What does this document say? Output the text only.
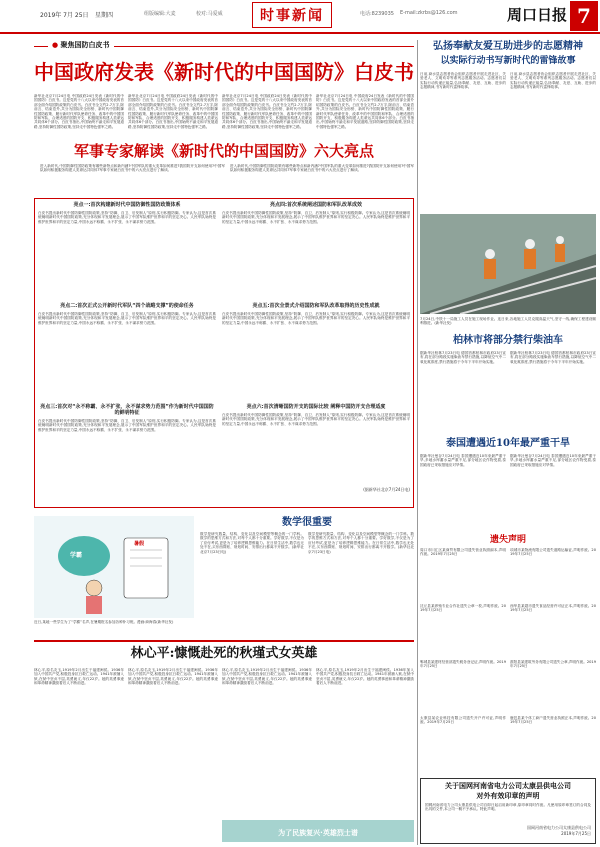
2019年 7月 25日 星期四	组版编辑:大麦	校对:马爱威	时事新闻	电话:8239035 E-mail:zkrbs@126.com	周口日报 7
● 聚焦国防白皮书
中国政府发表《新时代的中国国防》白皮书
新华社北京7月24日电 中国政府24日发表《新时代的中国国防》白皮书。这是党的十八大以来中国政府发表的首部全面介绍国防政策的白皮书。白皮书全文约2.7万字,除前言、结束语外,共分为国际安全形势、新时代中国防御性国防政策、履行新时代军队使命任务、改革中的中国国防和军队、合理适度的国防开支、积极服务构建人类命运共同体6个部分。白皮书指出,中国始终不渝走和平发展道路,坚持防御性国防政策,坚持走中国特色强军之路。
新华社北京7月24日电 中国政府24日发表《新时代的中国国防》白皮书。这是党的十八大以来中国政府发表的首部全面介绍国防政策的白皮书。白皮书全文约2.7万字,除前言、结束语外,共分为国际安全形势、新时代中国防御性国防政策、履行新时代军队使命任务、改革中的中国国防和军队、合理适度的国防开支、积极服务构建人类命运共同体6个部分。白皮书指出,中国始终不渝走和平发展道路,坚持防御性国防政策,坚持走中国特色强军之路。
新华社北京7月24日电 中国政府24日发表《新时代的中国国防》白皮书。这是党的十八大以来中国政府发表的首部全面介绍国防政策的白皮书。白皮书全文约2.7万字,除前言、结束语外,共分为国际安全形势、新时代中国防御性国防政策、履行新时代军队使命任务、改革中的中国国防和军队、合理适度的国防开支、积极服务构建人类命运共同体6个部分。白皮书指出,中国始终不渝走和平发展道路,坚持防御性国防政策,坚持走中国特色强军之路。
新华社北京7月24日电 中国政府24日发表《新时代的中国国防》白皮书。这是党的十八大以来中国政府发表的首部全面介绍国防政策的白皮书。白皮书全文约2.7万字,除前言、结束语外,共分为国际安全形势、新时代中国防御性国防政策、履行新时代军队使命任务、改革中的中国国防和军队、合理适度的国防开支、积极服务构建人类命运共同体6个部分。白皮书指出,中国始终不渝走和平发展道路,坚持防御性国防政策,坚持走中国特色强军之路。
军事专家解读《新时代的中国国防》六大亮点
进入新时代,中国防御性国防政策有哪些新特点和新内涵?中国军队的重大变革如何推进?我国防开支如何使用?中国军队如何积极服务构建人类命运共同体?军事专家就白皮书中的六大亮点进行了解读。
进入新时代,中国防御性国防政策有哪些新特点和新内涵?中国军队的重大变革如何推进?我国防开支如何使用?中国军队如何积极服务构建人类命运共同体?军事专家就白皮书中的六大亮点进行了解读。
亮点一:首次构建新时代中国防御性国防政策体系
白皮书提出新时代中国防御性国防政策,坚持“防御、自卫、后发制人”原则,实行积极防御。专家认为,这是首次系统阐明新时代中国国防政策,充分体现和平发展理念,展示了中国军队维护世界和平的坚定决心。人民军队始终是维护世界和平的坚定力量,中国永远不称霸、永不扩张、永不谋求势力范围。
亮点四:首次系统阐述国防和军队改革成效
白皮书提出新时代中国防御性国防政策,坚持“防御、自卫、后发制人”原则,实行积极防御。专家认为,这是首次系统阐明新时代中国国防政策,充分体现和平发展理念,展示了中国军队维护世界和平的坚定决心。人民军队始终是维护世界和平的坚定力量,中国永远不称霸、永不扩张、永不谋求势力范围。
亮点二:首次正式公开新时代军队“四个战略支撑”的使命任务
白皮书提出新时代中国防御性国防政策,坚持“防御、自卫、后发制人”原则,实行积极防御。专家认为,这是首次系统阐明新时代中国国防政策,充分体现和平发展理念,展示了中国军队维护世界和平的坚定决心。人民军队始终是维护世界和平的坚定力量,中国永远不称霸、永不扩张、永不谋求势力范围。
亮点五:首次全景式介绍国防和军队改革取得的历史性成就
白皮书提出新时代中国防御性国防政策,坚持“防御、自卫、后发制人”原则,实行积极防御。专家认为,这是首次系统阐明新时代中国国防政策,充分体现和平发展理念,展示了中国军队维护世界和平的坚定决心。人民军队始终是维护世界和平的坚定力量,中国永远不称霸、永不扩张、永不谋求势力范围。
亮点三:首次对“永不称霸、永不扩张、永不谋求势力范围”作为新时代中国国防的鲜明特征
白皮书提出新时代中国防御性国防政策,坚持“防御、自卫、后发制人”原则,实行积极防御。专家认为,这是首次系统阐明新时代中国国防政策,充分体现和平发展理念,展示了中国军队维护世界和平的坚定决心。人民军队始终是维护世界和平的坚定力量,中国永远不称霸、永不扩张、永不谋求势力范围。
亮点六:首次清晰国防开支的国际比较 阐释中国防开支合理适度
白皮书提出新时代中国防御性国防政策,坚持“防御、自卫、后发制人”原则,实行积极防御。专家认为,这是首次系统阐明新时代中国国防政策,充分体现和平发展理念,展示了中国军队维护世界和平的坚定决心。人民军队始终是维护世界和平的坚定力量,中国永远不称霸、永不扩张、永不谋求势力范围。
(据新华社北京7月24日电)
弘扬奉献友爱互助进步的志愿精神
以实际行动书写新时代的雷锋故事
日前,商水县志愿者协会组织志愿者开展走进社区、关爱老人、文明劝导等系列志愿服务活动。志愿者们以实际行动传递正能量,弘扬奉献、友爱、互助、进步的志愿精神,书写新时代雷锋故事。
日前,商水县志愿者协会组织志愿者开展走进社区、关爱老人、文明劝导等系列志愿服务活动。志愿者们以实际行动传递正能量,弘扬奉献、友爱、互助、进步的志愿精神,书写新时代雷锋故事。
7月24日,中铁十一局施工人员在施工现场作业。连日来,各地施工人员克服高温天气,坚守一线,确保工程建设顺利推进。(新华社发)
柏林市将部分禁行柴油车
据新华社柏林7月23日电 德国首都柏林市政府23日宣布,将在部分路段实施柴油车禁行措施,以降低空气中二氧化氮浓度,禁行措施将于今年下半年开始实施。
据新华社柏林7月23日电 德国首都柏林市政府23日宣布,将在部分路段实施柴油车禁行措施,以降低空气中二氧化氮浓度,禁行措施将于今年下半年开始实施。
泰国遭遇近10年最严重干旱
据新华社曼谷7月24日电 泰国遭遇近10年来最严重干旱,多地水库蓄水量严重不足,部分地区农作物受损,泰国政府已采取措施应对旱情。
据新华社曼谷7月24日电 泰国遭遇近10年来最严重干旱,多地水库蓄水量严重不足,部分地区农作物受损,泰国政府已采取措施应对旱情。
遗失声明
周口市川汇区某商贸有限公司遗失营业执照副本,声明作废。2019年7月25日
沈丘县某养殖专业合作社遗失公章一枚,声明作废。2019年7月25日
郸城县某建材经营部遗失税务登记证,声明作废。2019年7月25日
太康县某农业科技有限公司遗失开户许可证,声明作废。2019年7月25日
项城市某物流有限公司遗失道路运输证,声明作废。2019年7月25日
西华县某超市遗失食品经营许可证正本,声明作废。2019年7月25日
淮阳县某建筑劳务有限公司遗失公章,声明作废。2019年7月25日
鹿邑县某个体工商户遗失营业执照正本,声明作废。2019年7月25日
关于国网河南省电力公司太康县供电公司
对外有效印章的声明
国网河南省电力公司太康县供电公司自即日起启用新印章,原印章同时作废。凡使用原印章签订的合同及出具的文件,本公司一概不予承认。特此声明。
国网河南省电力公司太康县供电公司
2019年7月25日
学霸
暑假
近日,某地一些学生为了“学霸”名声,在暑期报名参加各种补习班。漫画:商海春(新华社发)
数学很重要
数学是研究数量、结构、变化以及空间模型等概念的一门学科。数学的思维方式和方法,对每个人都十分重要。学好数学,不仅是为了应付考试,更是为了培养逻辑思维能力。在日常生活中,数学也无处不在,买东西算账、规划时间、安排出行都离不开数学。(新华社北京7月23日电)
数学是研究数量、结构、变化以及空间模型等概念的一门学科。数学的思维方式和方法,对每个人都十分重要。学好数学,不仅是为了应付考试,更是为了培养逻辑思维能力。在日常生活中,数学也无处不在,买东西算账、规划时间、安排出行都离不开数学。(新华社北京7月23日电)
林心平:慷慨赴死的秋瑾式女英雄
林心平,原名友玉,1919年2月出生于福建闽侯。1936年加入中国共产党,积极投身抗日救亡运动。1941年被捕入狱,在狱中坚贞不屈,英勇就义,年仅22岁。她的英勇事迹和革命精神激励着后人不断前进。
林心平,原名友玉,1919年2月出生于福建闽侯。1936年加入中国共产党,积极投身抗日救亡运动。1941年被捕入狱,在狱中坚贞不屈,英勇就义,年仅22岁。她的英勇事迹和革命精神激励着后人不断前进。
林心平,原名友玉,1919年2月出生于福建闽侯。1936年加入中国共产党,积极投身抗日救亡运动。1941年被捕入狱,在狱中坚贞不屈,英勇就义,年仅22岁。她的英勇事迹和革命精神激励着后人不断前进。
林心平,原名友玉,1919年2月出生于福建闽侯。1936年加入中国共产党,积极投身抗日救亡运动。1941年被捕入狱,在狱中坚贞不屈,英勇就义,年仅22岁。她的英勇事迹和革命精神激励着后人不断前进。
为了民族复兴·英雄烈士谱
